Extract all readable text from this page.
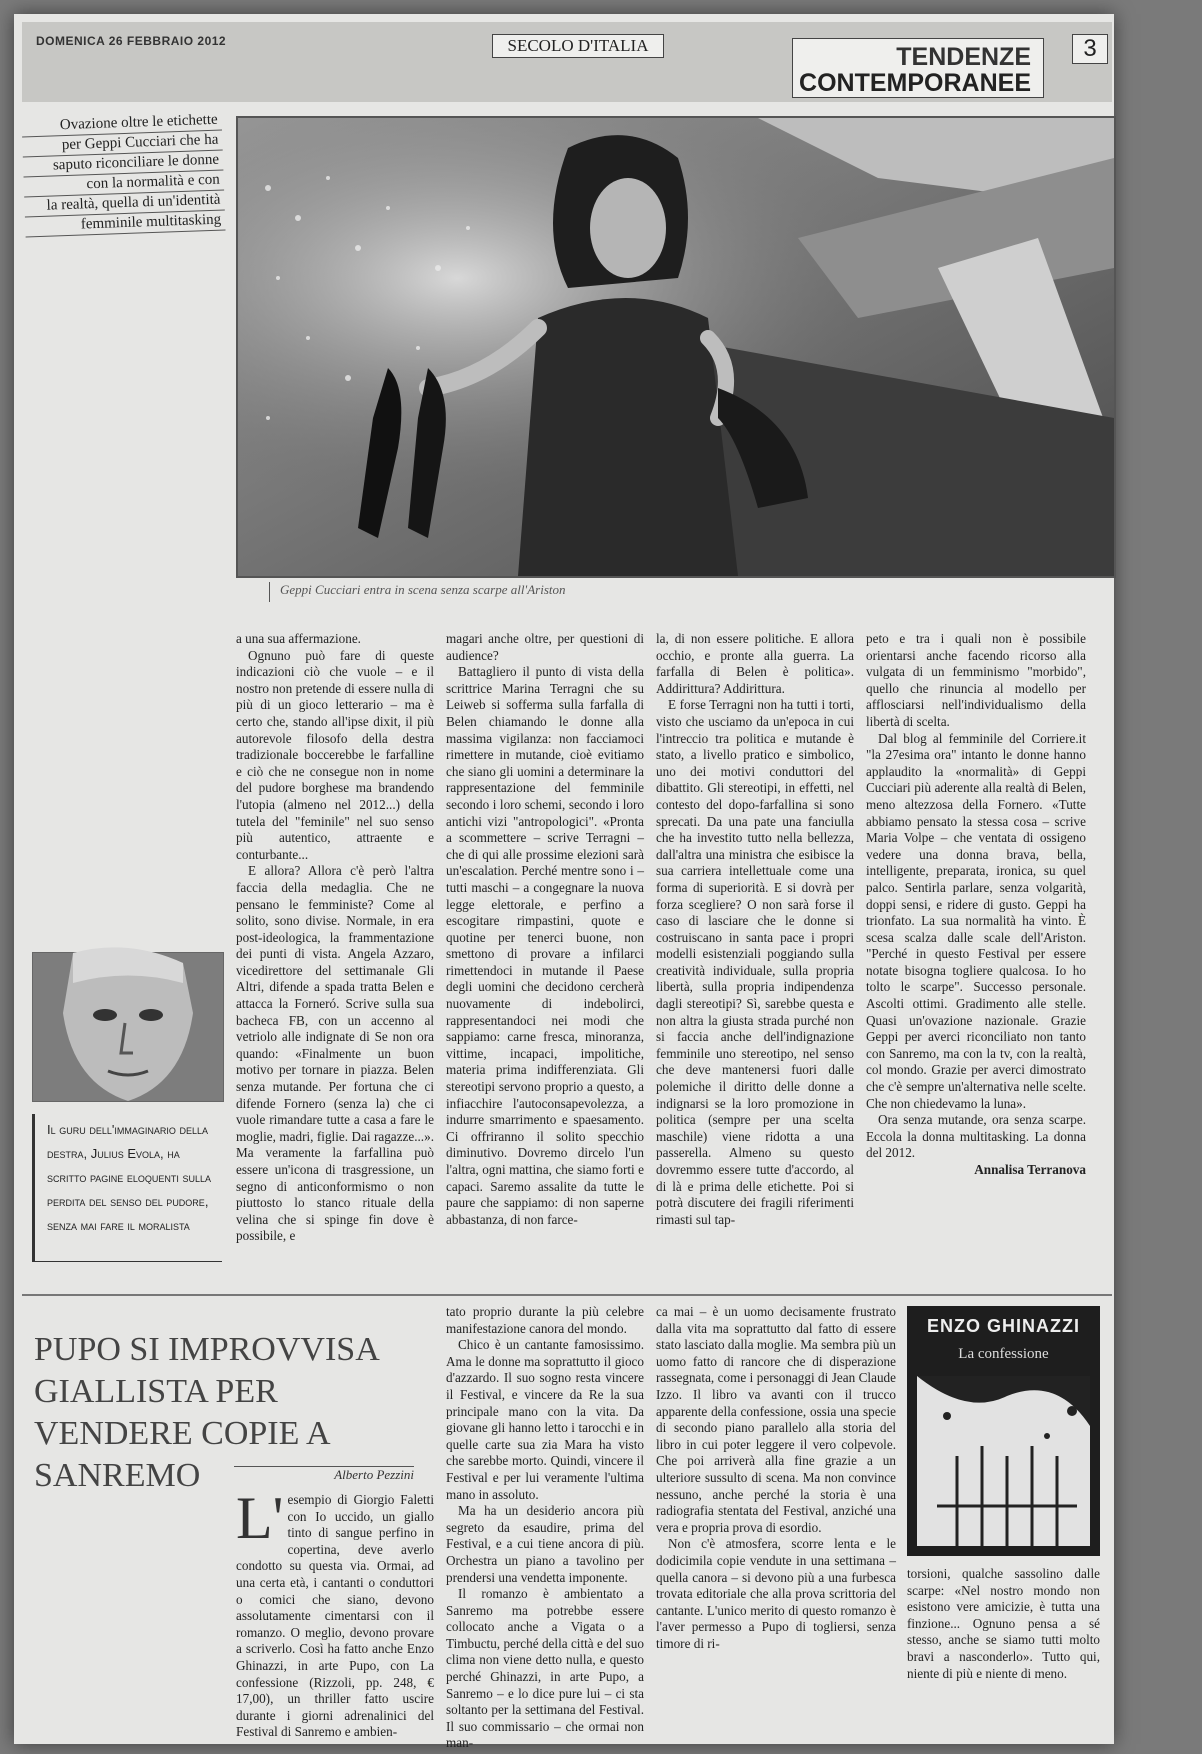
DOMENICA 26 FEBBRAIO 2012	SECOLO D'ITALIA	TENDENZE
CONTEMPORANEE
3
Ovazione oltre le etichette
per Geppi Cucciari che ha
saputo riconciliare le donne
con la normalità e con
la realtà, quella di un'identità
femminile multitasking
Geppi Cucciari entra in scena senza scarpe all'Ariston

a una sua affermazione.

Ognuno può fare di queste indicazioni ciò che vuole – e il nostro non pretende di essere nulla di più di un gioco letterario – ma è certo che, stando all'ipse dixit, il più autorevole filosofo della destra tradizionale boccerebbe le farfalline e ciò che ne consegue non in nome del pudore borghese ma brandendo l'utopia (almeno nel 2012...) della tutela del "feminile" nel suo senso più autentico, attraente e conturbante...

E allora? Allora c'è però l'altra faccia della medaglia. Che ne pensano le femministe? Come al solito, sono divise. Normale, in era post-ideologica, la frammentazione dei punti di vista. Angela Azzaro, vicedirettore del settimanale Gli Altri, difende a spada tratta Belen e attacca la Forneró. Scrive sulla sua bacheca FB, con un accenno al vetriolo alle indignate di Se non ora quando: «Finalmente un buon motivo per tornare in piazza. Belen senza mutande. Per fortuna che ci difende Fornero (senza la) che ci vuole rimandare tutte a casa a fare le moglie, madri, figlie. Dai ragazze...». Ma veramente la farfallina può essere un'icona di trasgressione, un segno di anticonformismo o non piuttosto lo stanco rituale della velina che si spinge fin dove è possibile, e

magari anche oltre, per questioni di audience?

Battagliero il punto di vista della scrittrice Marina Terragni che su Leiweb si sofferma sulla farfalla di Belen chiamando le donne alla massima vigilanza: non facciamoci rimettere in mutande, cioè evitiamo che siano gli uomini a determinare la rappresentazione del femminile secondo i loro schemi, secondo i loro antichi vizi "antropologici". «Pronta a scommettere – scrive Terragni – che di qui alle prossime elezioni sarà un'escalation. Perché mentre sono i – tutti maschi – a congegnare la nuova legge elettorale, e perfino a escogitare rimpastini, quote e quotine per tenerci buone, non smettono di provare a infilarci rimettendoci in mutande il Paese degli uomini che decidono cercherà nuovamente di indebolirci, rappresentandoci nei modi che sappiamo: carne fresca, minoranza, vittime, incapaci, impolitiche, materia prima indifferenziata. Gli stereotipi servono proprio a questo, a infiacchire l'autoconsapevolezza, a indurre smarrimento e spaesamento. Ci offriranno il solito specchio diminutivo. Dovremo dircelo l'un l'altra, ogni mattina, che siamo forti e capaci. Saremo assalite da tutte le paure che sappiamo: di non saperne abbastanza, di non farce-

la, di non essere politiche. E allora occhio, e pronte alla guerra. La farfalla di Belen è politica». Addirittura? Addirittura.

E forse Terragni non ha tutti i torti, visto che usciamo da un'epoca in cui l'intreccio tra politica e mutande è stato, a livello pratico e simbolico, uno dei motivi conduttori del dibattito. Gli stereotipi, in effetti, nel contesto del dopo-farfallina si sono sprecati. Da una pate una fanciulla che ha investito tutto nella bellezza, dall'altra una ministra che esibisce la sua carriera intellettuale come una forma di superiorità. E si dovrà per forza scegliere? O non sarà forse il caso di lasciare che le donne si costruiscano in santa pace i propri modelli esistenziali poggiando sulla creatività individuale, sulla propria libertà, sulla propria indipendenza dagli stereotipi? Sì, sarebbe questa e non altra la giusta strada purché non si faccia anche dell'indignazione femminile uno stereotipo, nel senso che deve mantenersi fuori dalle polemiche il diritto delle donne a indignarsi se la loro promozione in politica (sempre per una scelta maschile) viene ridotta a una passerella. Almeno su questo dovremmo essere tutte d'accordo, al di là e prima delle etichette. Poi si potrà discutere dei fragili riferimenti rimasti sul tap-

peto e tra i quali non è possibile orientarsi anche facendo ricorso alla vulgata di un femminismo "morbido", quello che rinuncia al modello per afflosciarsi nell'individualismo della libertà di scelta.

Dal blog al femminile del Corriere.it "la 27esima ora" intanto le donne hanno applaudito la «normalità» di Geppi Cucciari più aderente alla realtà di Belen, meno altezzosa della Fornero. «Tutte abbiamo pensato la stessa cosa – scrive Maria Volpe – che ventata di ossigeno vedere una donna brava, bella, intelligente, preparata, ironica, su quel palco. Sentirla parlare, senza volgarità, doppi sensi, e ridere di gusto. Geppi ha trionfato. La sua normalità ha vinto. È scesa scalza dalle scale dell'Ariston. "Perché in questo Festival per essere notate bisogna togliere qualcosa. Io ho tolto le scarpe". Successo personale. Ascolti ottimi. Gradimento alle stelle. Quasi un'ovazione nazionale. Grazie Geppi per averci riconciliato non tanto con Sanremo, ma con la tv, con la realtà, col mondo. Grazie per averci dimostrato che c'è sempre un'alternativa nelle scelte. Che non chiedevamo la luna».

Ora senza mutande, ora senza scarpe. Eccola la donna multitasking. La donna del 2012.

Annalisa Terranova

Il guru dell'immaginario della destra, Julius Evola, ha scritto pagine eloquenti sulla perdita del senso del pudore, senza mai fare il moralista
PUPO SI IMPROVVISA GIALLISTA PER VENDERE COPIE A SANREMO	Alberto Pezzini
L' esempio di Giorgio Faletti con Io uccido, un giallo tinto di sangue perfino in copertina, deve averlo condotto su questa via. Ormai, ad una certa età, i cantanti o conduttori o comici che siano, devono assolutamente cimentarsi con il romanzo. O meglio, devono provare a scriverlo. Così ha fatto anche Enzo Ghinazzi, in arte Pupo, con La confessione (Rizzoli, pp. 248, € 17,00), un thriller fatto uscire durante i giorni adrenalinici del Festival di Sanremo e ambien-

tato proprio durante la più celebre manifestazione canora del mondo.

Chico è un cantante famosissimo. Ama le donne ma soprattutto il gioco d'azzardo. Il suo sogno resta vincere il Festival, e vincere da Re la sua principale mano con la vita. Da giovane gli hanno letto i tarocchi e in quelle carte sua zia Mara ha visto che sarebbe morto. Quindi, vincere il Festival e per lui veramente l'ultima mano in assoluto.

Ma ha un desiderio ancora più segreto da esaudire, prima del Festival, e a cui tiene ancora di più. Orchestra un piano a tavolino per prendersi una vendetta imponente.

Il romanzo è ambientato a Sanremo ma potrebbe essere collocato anche a Vigata o a Timbuctu, perché della città e del suo clima non viene detto nulla, e questo perché Ghinazzi, in arte Pupo, a Sanremo – e lo dice pure lui – ci sta soltanto per la settimana del Festival. Il suo commissario – che ormai non man-

ca mai – è un uomo decisamente frustrato dalla vita ma soprattutto dal fatto di essere stato lasciato dalla moglie. Ma sembra più un uomo fatto di rancore che di disperazione rassegnata, come i personaggi di Jean Claude Izzo. Il libro va avanti con il trucco apparente della confessione, ossia una specie di secondo piano parallelo alla storia del libro in cui poter leggere il vero colpevole. Che poi arriverà alla fine grazie a un ulteriore sussulto di scena. Ma non convince nessuno, anche perché la storia è una radiografia stentata del Festival, anziché una vera e propria prova di esordio.

Non c'è atmosfera, scorre lenta e le dodicimila copie vendute in una settimana – quella canora – si devono più a una furbesca trovata editoriale che alla prova scrittoria del cantante. L'unico merito di questo romanzo è l'aver permesso a Pupo di togliersi, senza timore di ri-

torsioni, qualche sassolino dalle scarpe: «Nel nostro mondo non esistono vere amicizie, è tutta una finzione... Ognuno pensa a sé stesso, anche se siamo tutti molto bravi a nasconderlo». Tutto qui, niente di più e niente di meno.

ENZO GHINAZZI
La confessione
